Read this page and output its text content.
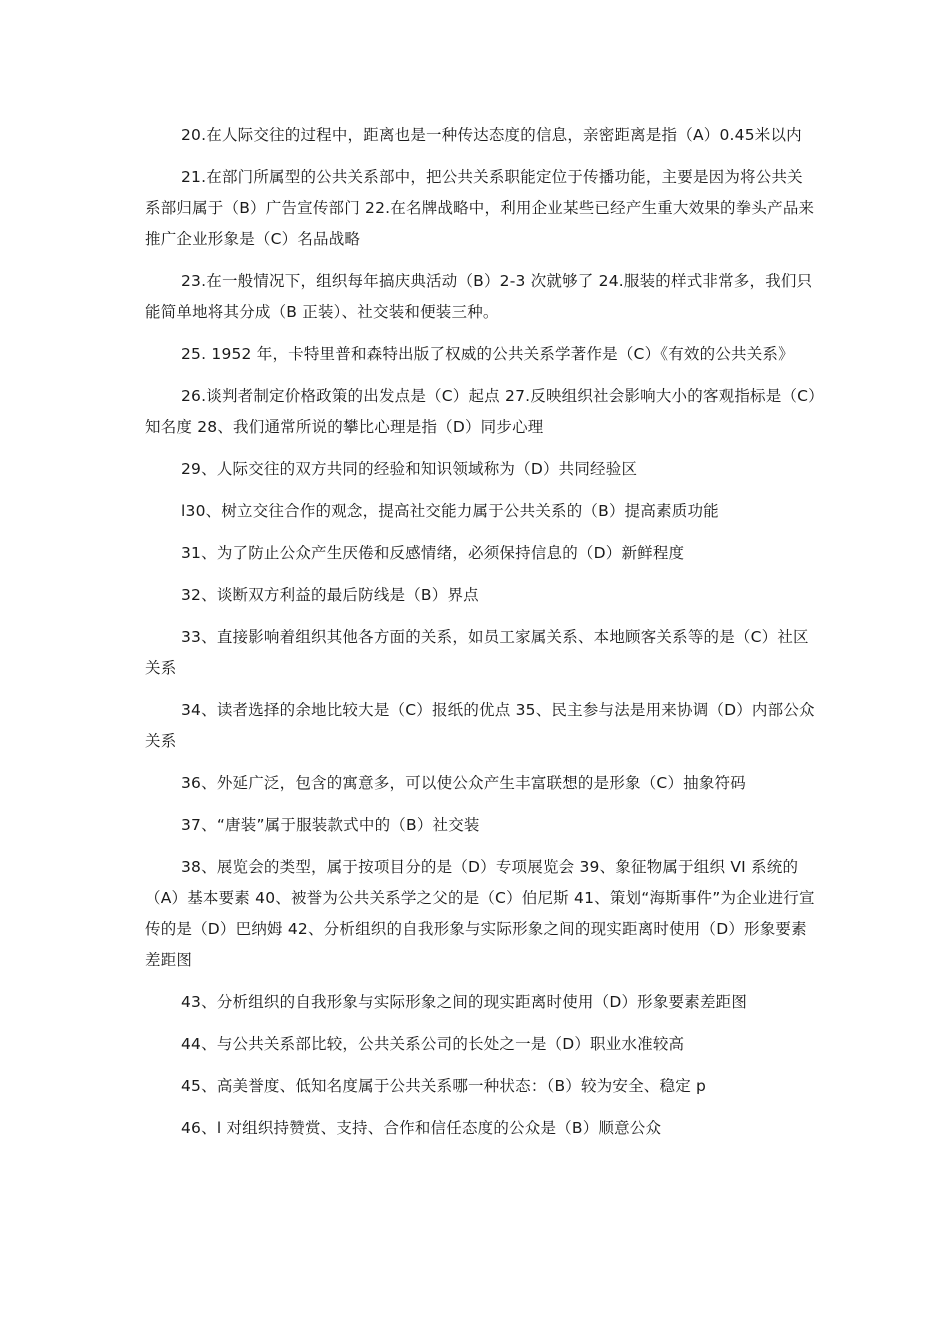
20.在人际交往的过程中，距离也是一种传达态度的信息，亲密距离是指（A）0.45米以内

21.在部门所属型的公共关系部中，把公共关系职能定位于传播功能，主要是因为将公共关系部归属于（B）广告宣传部门 22.在名牌战略中，利用企业某些已经产生重大效果的拳头产品来推广企业形象是（C）名品战略

23.在一般情况下，组织每年搞庆典活动（B）2-3 次就够了 24.服装的样式非常多，我们只能简单地将其分成（B 正装）、社交装和便装三种。

25. 1952 年，卡特里普和森特出版了权威的公共关系学著作是（C）《有效的公共关系》

26.谈判者制定价格政策的出发点是（C）起点 27.反映组织社会影响大小的客观指标是（C）知名度 28、我们通常所说的攀比心理是指（D）同步心理

29、人际交往的双方共同的经验和知识领域称为（D）共同经验区

l30、树立交往合作的观念，提高社交能力属于公共关系的（B）提高素质功能

31、为了防止公众产生厌倦和反感情绪，必须保持信息的（D）新鲜程度

32、谈断双方利益的最后防线是（B）界点

33、直接影响着组织其他各方面的关系，如员工家属关系、本地顾客关系等的是（C）社区关系

34、读者选择的余地比较大是（C）报纸的优点 35、民主参与法是用来协调（D）内部公众关系

36、外延广泛，包含的寓意多，可以使公众产生丰富联想的是形象（C）抽象符码

37、“唐装”属于服装款式中的（B）社交装

38、展览会的类型，属于按项目分的是（D）专项展览会 39、象征物属于组织 VI 系统的（A）基本要素 40、被誉为公共关系学之父的是（C）伯尼斯 41、策划“海斯事件”为企业进行宣传的是（D）巴纳姆 42、分析组织的自我形象与实际形象之间的现实距离时使用（D）形象要素差距图

43、分析组织的自我形象与实际形象之间的现实距离时使用（D）形象要素差距图

44、与公共关系部比较，公共关系公司的长处之一是（D）职业水准较高

45、高美誉度、低知名度属于公共关系哪一种状态：（B）较为安全、稳定 p

46、l 对组织持赞赏、支持、合作和信任态度的公众是（B）顺意公众
